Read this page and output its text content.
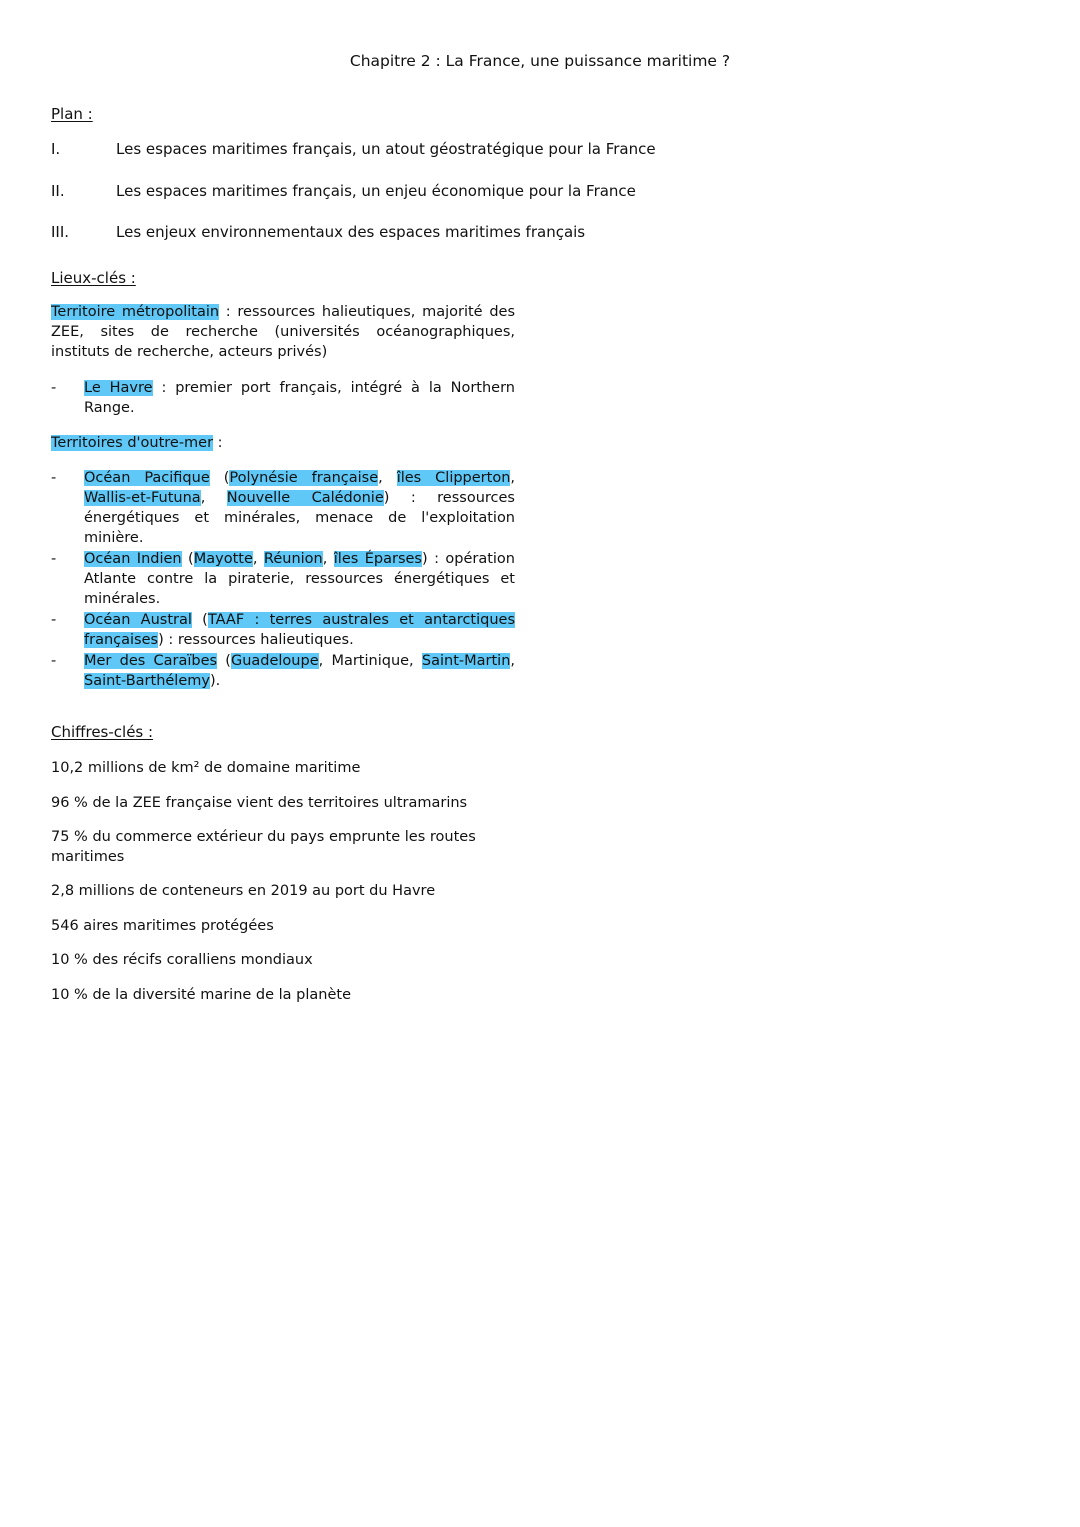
Chapitre 2 : La France, une puissance maritime ?
Plan :
I.	Les espaces maritimes français, un atout géostratégique pour la France
II.	Les espaces maritimes français, un enjeu économique pour la France
III.	Les enjeux environnementaux des espaces maritimes français
Lieux-clés :
Territoire métropolitain : ressources halieutiques, majorité des ZEE, sites de recherche (universités océanographiques, instituts de recherche, acteurs privés)
- Le Havre : premier port français, intégré à la Northern Range.
Territoires d'outre-mer :
- Océan Pacifique (Polynésie française, îles Clipperton, Wallis-et-Futuna, Nouvelle Calédonie) : ressources énergétiques et minérales, menace de l'exploitation minière.
- Océan Indien (Mayotte, Réunion, îles Éparses) : opération Atlante contre la piraterie, ressources énergétiques et minérales.
- Océan Austral (TAAF : terres australes et antarctiques françaises) : ressources halieutiques.
- Mer des Caraïbes (Guadeloupe, Martinique, Saint-Martin, Saint-Barthélemy).
Chiffres-clés :
10,2 millions de km² de domaine maritime
96 % de la ZEE française vient des territoires ultramarins
75 % du commerce extérieur du pays emprunte les routes maritimes
2,8 millions de conteneurs en 2019 au port du Havre
546 aires maritimes protégées
10 % des récifs coralliens mondiaux
10 % de la diversité marine de la planète
